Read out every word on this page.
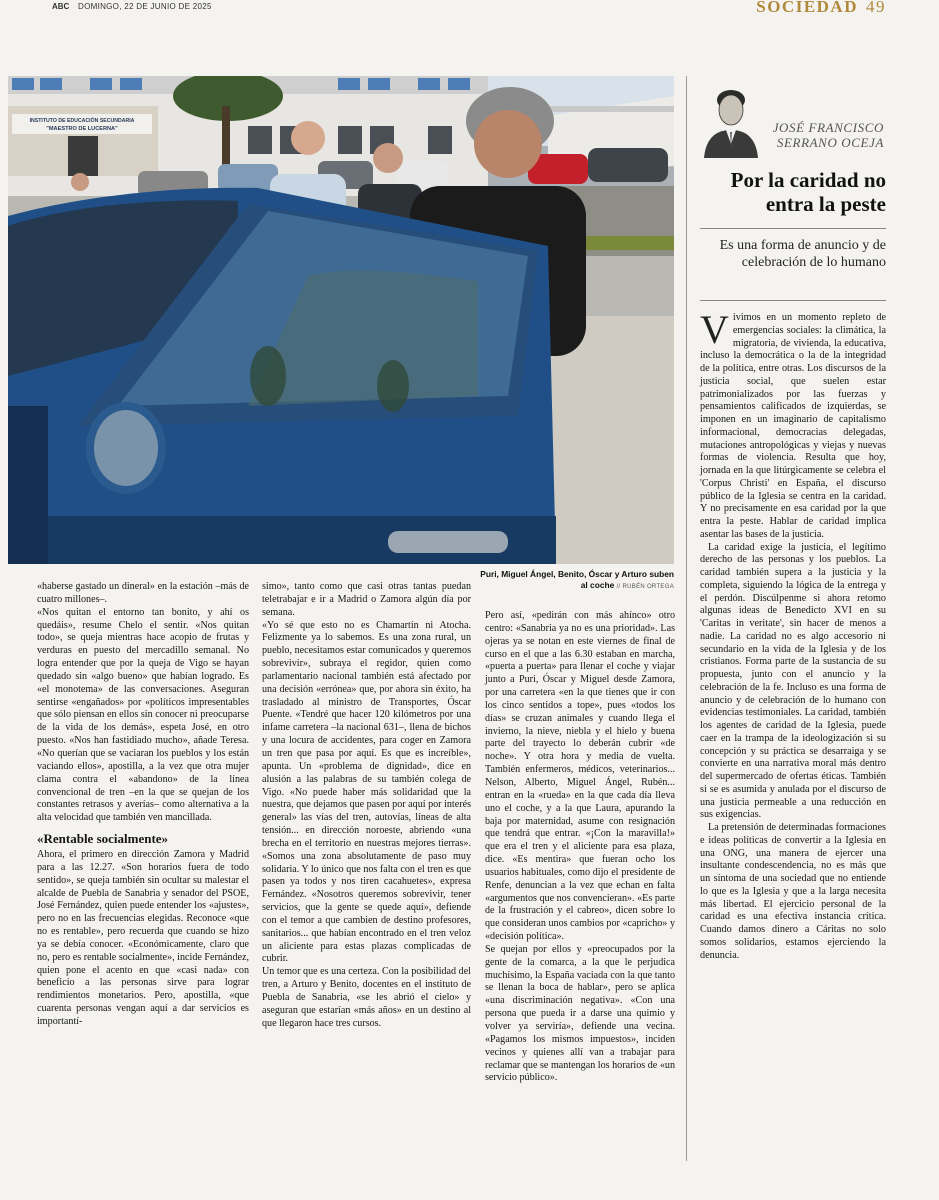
ABC DOMINGO, 22 DE JUNIO DE 2025	SOCIEDAD 49
INSTITUTO DE EDUCACIÓN SECUNDARIA
"MAESTRO DE LUCERNA"
Puri, Miguel Ángel, Benito, Óscar y Arturo suben al coche // RUBÉN ORTEGA

«haberse gastado un dineral» en la estación –más de cuatro millones–.

«Nos quitan el entorno tan bonito, y ahí os quedáis», resume Chelo el sentir. «Nos quitan todo», se queja mientras hace acopio de frutas y verduras en puesto del mercadillo semanal. No logra entender que por la queja de Vigo se hayan quedado sin «algo bueno» que habían logrado. Es «el monotema» de las conversaciones. Aseguran sentirse «engañados» por «políticos impresentables que sólo piensan en ellos sin conocer ni preocuparse de la vida de los demás», espeta José, en otro puesto. «Nos han fastidiado mucho», añade Teresa. «No querían que se vaciaran los pueblos y los están vaciando ellos», apostilla, a la vez que otra mujer clama contra el «abandono» de la línea convencional de tren –en la que se quejan de los constantes retrasos y averías– como alternativa a la alta velocidad que también ven mancillada.

«Rentable socialmente»

Ahora, el primero en dirección Zamora y Madrid para a las 12.27. «Son horarios fuera de todo sentido», se queja también sin ocultar su malestar el alcalde de Puebla de Sanabria y senador del PSOE, José Fernández, quien puede entender los «ajustes», pero no en las frecuencias elegidas. Reconoce «que no es rentable», pero recuerda que cuando se hizo ya se debía conocer. «Económicamente, claro que no, pero es rentable socialmente», incide Fernández, quien pone el acento en que «casi nada» con beneficio a las personas sirve para lograr rendimientos monetarios. Pero, apostilla, «que cuarenta personas vengan aquí a dar servicios es importantí-

simo», tanto como que casi otras tantas puedan teletrabajar e ir a Madrid o Zamora algún día por semana.

«Yo sé que esto no es Chamartín ni Atocha. Felizmente ya lo sabemos. Es una zona rural, un pueblo, necesitamos estar comunicados y queremos sobrevivir», subraya el regidor, quien como parlamentario nacional también está afectado por una decisión «errónea» que, por ahora sin éxito, ha trasladado al ministro de Transportes, Óscar Puente. «Tendré que hacer 120 kilómetros por una infame carretera –la nacional 631–, llena de bichos y una locura de accidentes, para coger en Zamora un tren que pasa por aquí. Es que es increíble», apunta. Un «problema de dignidad», dice en alusión a las palabras de su también colega de Vigo. «No puede haber más solidaridad que la nuestra, que dejamos que pasen por aquí por interés general» las vías del tren, autovías, líneas de alta tensión... en dirección noroeste, abriendo «una brecha en el territorio en nuestras mejores tierras». «Somos una zona absolutamente de paso muy solidaria. Y lo único que nos falta con el tren es que pasen ya todos y nos tiren cacahuetes», expresa Fernández. «Nosotros queremos sobrevivir, tener servicios, que la gente se quede aquí», defiende con el temor a que cambien de destino profesores, sanitarios... que habían encontrado en el tren veloz un aliciente para estas plazas complicadas de cubrir.

Un temor que es una certeza. Con la posibilidad del tren, a Arturo y Benito, docentes en el instituto de Puebla de Sanabria, «se les abrió el cielo» y aseguran que estarían «más años» en un destino al que llegaron hace tres cursos.

Pero así, «pedirán con más ahínco» otro centro: «Sanabria ya no es una prioridad». Las ojeras ya se notan en este viernes de final de curso en el que a las 6.30 estaban en marcha, «puerta a puerta» para llenar el coche y viajar junto a Puri, Óscar y Miguel desde Zamora, por una carretera «en la que tienes que ir con los cinco sentidos a tope», pues «todos los días» se cruzan animales y cuando llega el invierno, la nieve, niebla y el hielo y buena parte del trayecto lo deberán cubrir «de noche». Y otra hora y media de vuelta. También enfermeros, médicos, veterinarios... Nelson, Alberto, Miguel Ángel, Rubén... entran en la «rueda» en la que cada día lleva uno el coche, y a la que Laura, apurando la baja por maternidad, asume con resignación que tendrá que entrar. «¡Con la maravilla!» que era el tren y el aliciente para esa plaza, dice. «Es mentira» que fueran ocho los usuarios habituales, como dijo el presidente de Renfe, denuncian a la vez que echan en falta «argumentos que nos convencieran». «Es parte de la frustración y el cabreo», dicen sobre lo que consideran unos cambios por «capricho» y «decisión política».

Se quejan por ellos y «preocupados por la gente de la comarca, a la que le perjudica muchísimo, la España vaciada con la que tanto se llenan la boca de hablar», pero se aplica «una discriminación negativa». «Con una persona que pueda ir a darse una quimio y volver ya serviría», defiende una vecina. «Pagamos los mismos impuestos», inciden vecinos y quienes allí van a trabajar para reclamar que se mantengan los horarios de «un servicio público».

JOSÉ FRANCISCO SERRANO OCEJA
Por la caridad no entra la peste
Es una forma de anuncio y de celebración de lo humano

Vivimos en un momento repleto de emergencias sociales: la climática, la migratoria, de vivienda, la educativa, incluso la democrática o la de la integridad de la política, entre otras. Los discursos de la justicia social, que suelen estar patrimonializados por las fuerzas y pensamientos calificados de izquierdas, se imponen en un imaginario de capitalismo informacional, democracias delegadas, mutaciones antropológicas y viejas y nuevas formas de violencia. Resulta que hoy, jornada en la que litúrgicamente se celebra el 'Corpus Christi' en España, el discurso público de la Iglesia se centra en la caridad. Y no precisamente en esa caridad por la que entra la peste. Hablar de caridad implica asentar las bases de la justicia.

La caridad exige la justicia, el legítimo derecho de las personas y los pueblos. La caridad también supera a la justicia y la completa, siguiendo la lógica de la entrega y el perdón. Discúlpenme si ahora retomo algunas ideas de Benedicto XVI en su 'Caritas in veritate', sin hacer de menos a nadie. La caridad no es algo accesorio ni secundario en la vida de la Iglesia y de los cristianos. Forma parte de la sustancia de su propuesta, junto con el anuncio y la celebración de la fe. Incluso es una forma de anuncio y de celebración de lo humano con evidencias testimoniales. La caridad, también los agentes de caridad de la Iglesia, puede caer en la trampa de la ideologización si su concepción y su práctica se desarraiga y se convierte en una narrativa moral más dentro del supermercado de ofertas éticas. También si se es asumida y anulada por el discurso de una justicia permeable a una reducción en sus exigencias.

La pretensión de determinadas formaciones e ideas políticas de convertir a la Iglesia en una ONG, una manera de ejercer una insultante condescendencia, no es más que un síntoma de una sociedad que no entiende lo que es la Iglesia y que a la larga necesita más libertad. El ejercicio personal de la caridad es una efectiva instancia crítica. Cuando damos dinero a Cáritas no solo somos solidarios, estamos ejerciendo la denuncia.
